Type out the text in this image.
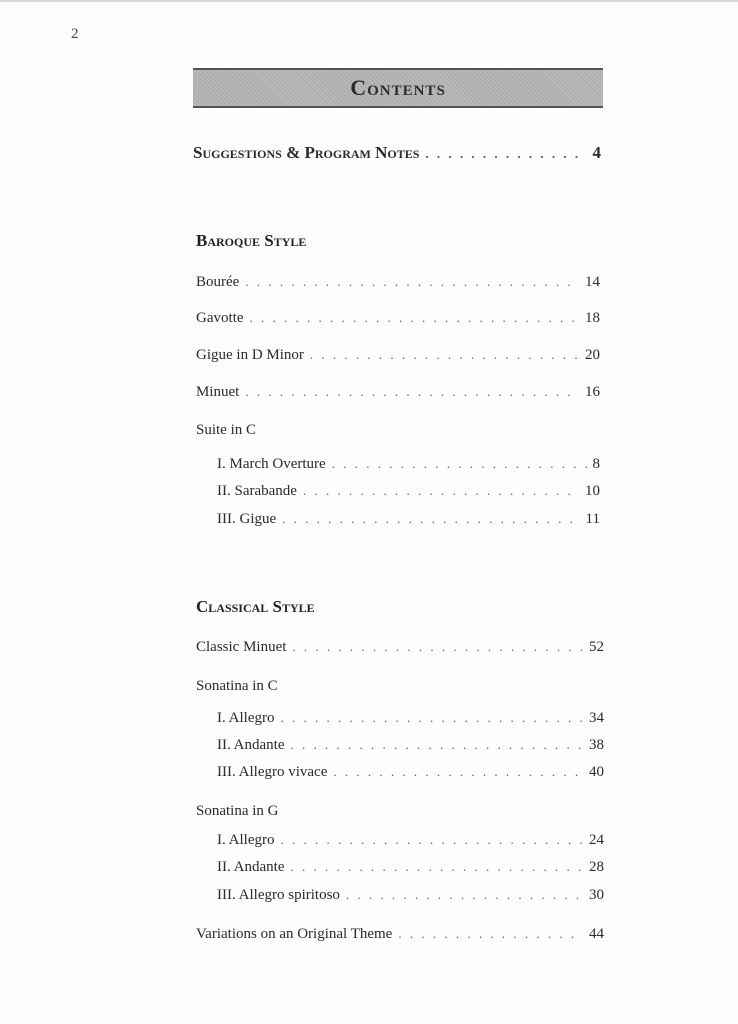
2
Contents
Suggestions & Program Notes . . .	4
Baroque Style
Bourée . . .	14
Gavotte . . .	18
Gigue in D Minor . . .	20
Minuet . . .	16
Suite in C
I. March Overture . . .	8
II. Sarabande . . .	10
III. Gigue . . .	11
Classical Style
Classic Minuet . . .	52
Sonatina in C
I. Allegro . . .	34
II. Andante . . .	38
III. Allegro vivace . . .	40
Sonatina in G
I. Allegro . . .	24
II. Andante . . .	28
III. Allegro spiritoso . . .	30
Variations on an Original Theme . . .	44
